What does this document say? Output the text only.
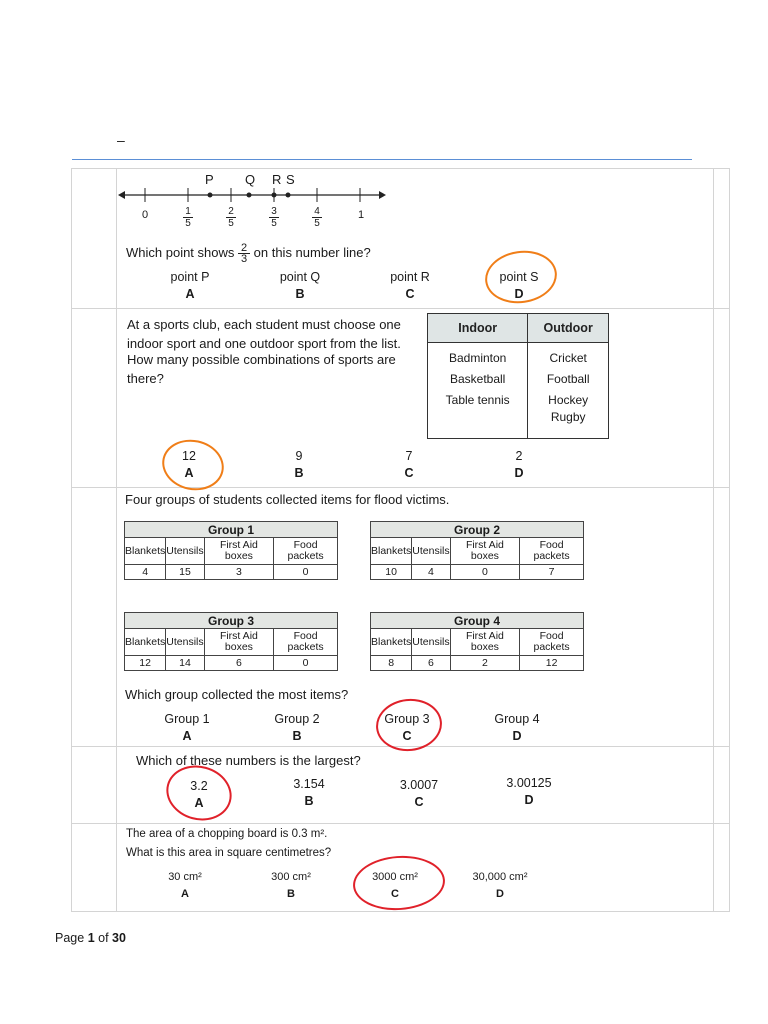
–
P Q R S
0	1
5
2
5
3
5
4
5
1
Which point shows $\frac{2}{3}$ on this number line?
point P
A
point Q
B
point R
C
point S
D
At a sports club, each student must choose one indoor sport and one outdoor sport from the list.
How many possible combinations of sports are there?
Indoor	Outdoor
Badminton	Cricket
Basketball	Football
Table tennis	Hockey
	Rugby
12
A
9
B
7
C
2
D
Four groups of students collected items for flood victims.
Group 1			
Blankets	Utensils	First Aid boxes	Food packets
4	15	3	0
Group 2			
Blankets	Utensils	First Aid boxes	Food packets
10	4	0	7
Group 3			
Blankets	Utensils	First Aid boxes	Food packets
12	14	6	0
Group 4			
Blankets	Utensils	First Aid boxes	Food packets
8	6	2	12
Which group collected the most items?
Group 1
A
Group 2
B
Group 3
C
Group 4
D
Which of these numbers is the largest?
3.2
A
3.154
B
3.0007
C
3.00125
D
The area of a chopping board is 0.3 m².
What is this area in square centimetres?
30 cm²
A
300 cm²
B
3000 cm²
C
30,000 cm²
D
Page 1 of 30
